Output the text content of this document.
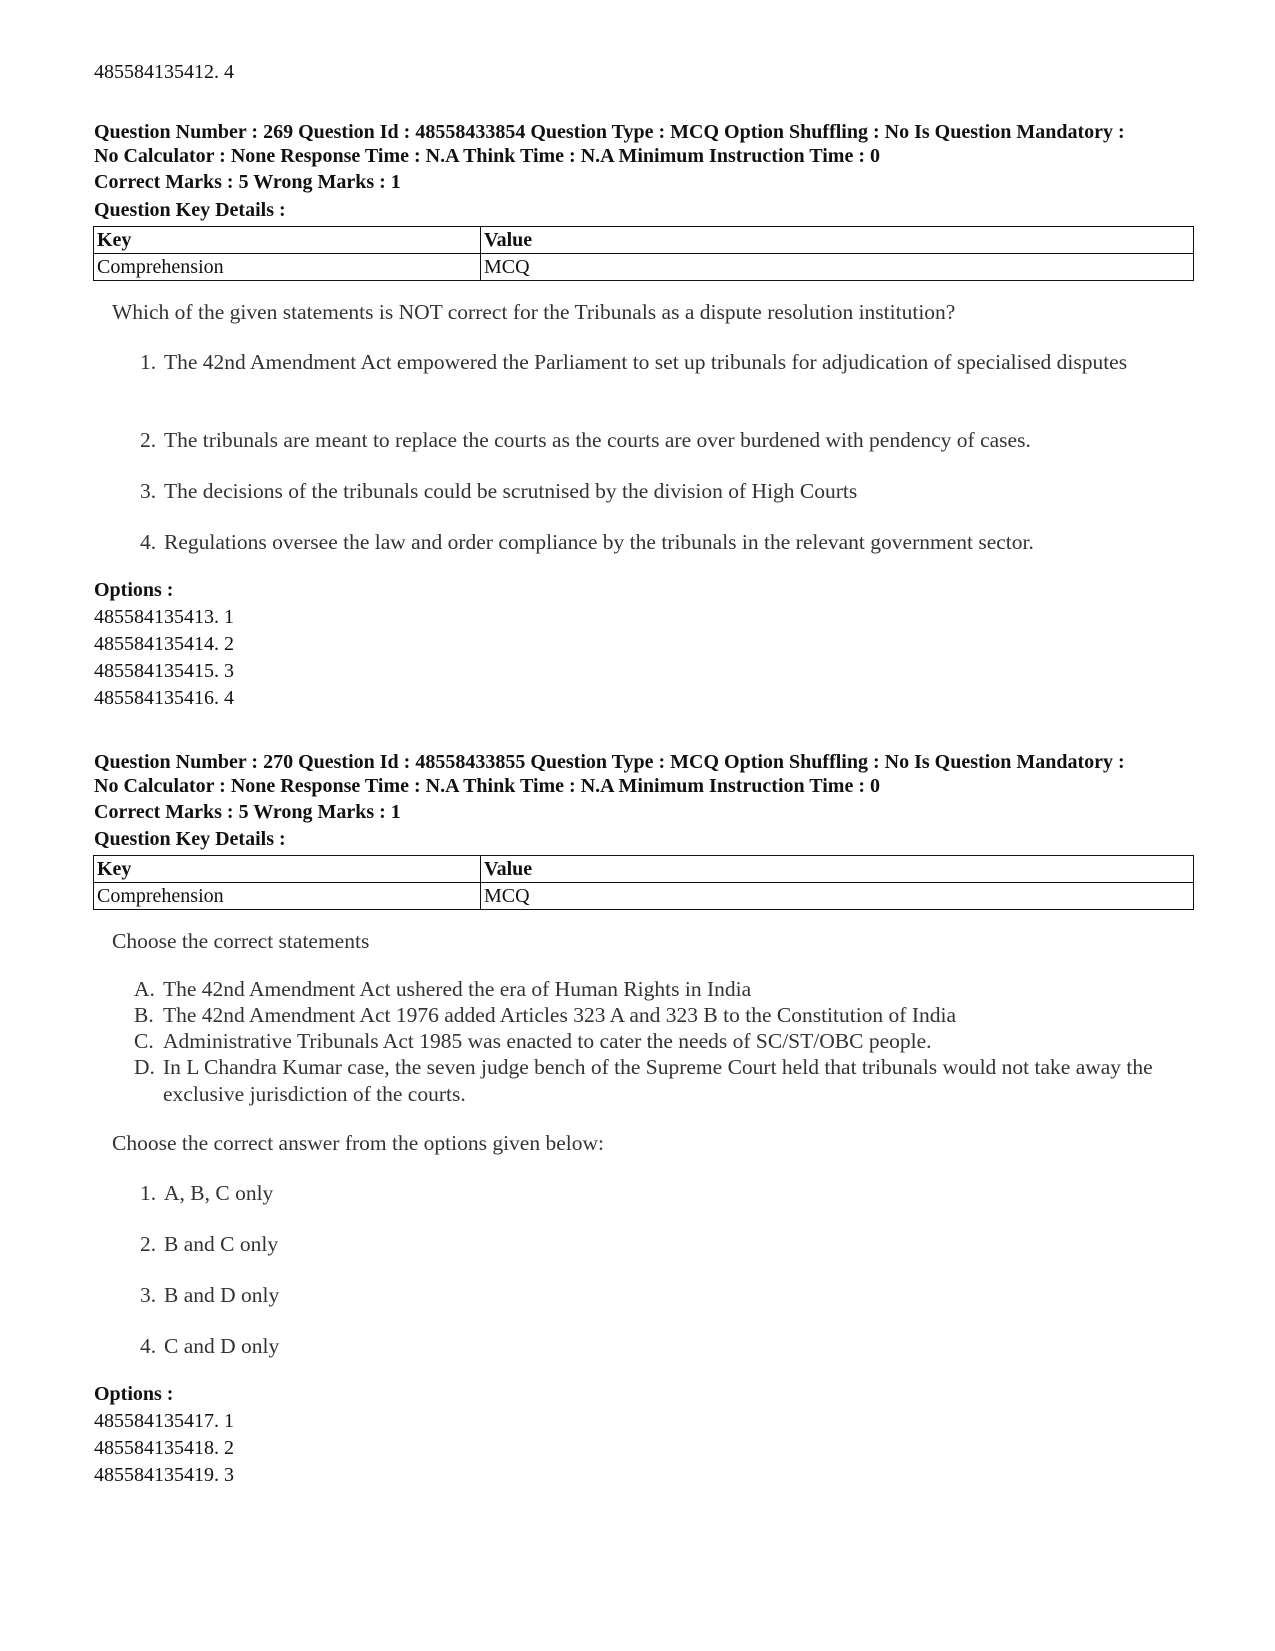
485584135412. 4
Question Number : 269 Question Id : 48558433854 Question Type : MCQ Option Shuffling : No Is Question Mandatory :
No Calculator : None Response Time : N.A Think Time : N.A Minimum Instruction Time : 0
Correct Marks : 5 Wrong Marks : 1
Question Key Details :
Key	Value
Comprehension	MCQ
Which of the given statements is NOT correct for the Tribunals as a dispute resolution institution?
1. The 42nd Amendment Act empowered the Parliament to set up tribunals for adjudication of specialised disputes
2. The tribunals are meant to replace the courts as the courts are over burdened with pendency of cases.
3. The decisions of the tribunals could be scrutnised by the division of High Courts
4. Regulations oversee the law and order compliance by the tribunals in the relevant government sector.
Options :
485584135413. 1
485584135414. 2
485584135415. 3
485584135416. 4
Question Number : 270 Question Id : 48558433855 Question Type : MCQ Option Shuffling : No Is Question Mandatory :
No Calculator : None Response Time : N.A Think Time : N.A Minimum Instruction Time : 0
Correct Marks : 5 Wrong Marks : 1
Question Key Details :
Key	Value
Comprehension	MCQ
Choose the correct statements
A. The 42nd Amendment Act ushered the era of Human Rights in India
B. The 42nd Amendment Act 1976 added Articles 323 A and 323 B to the Constitution of India
C. Administrative Tribunals Act 1985 was enacted to cater the needs of SC/ST/OBC people.
D. In L Chandra Kumar case, the seven judge bench of the Supreme Court held that tribunals would not take away the exclusive jurisdiction of the courts.
Choose the correct answer from the options given below:
1. A, B, C only
2. B and C only
3. B and D only
4. C and D only
Options :
485584135417. 1
485584135418. 2
485584135419. 3
